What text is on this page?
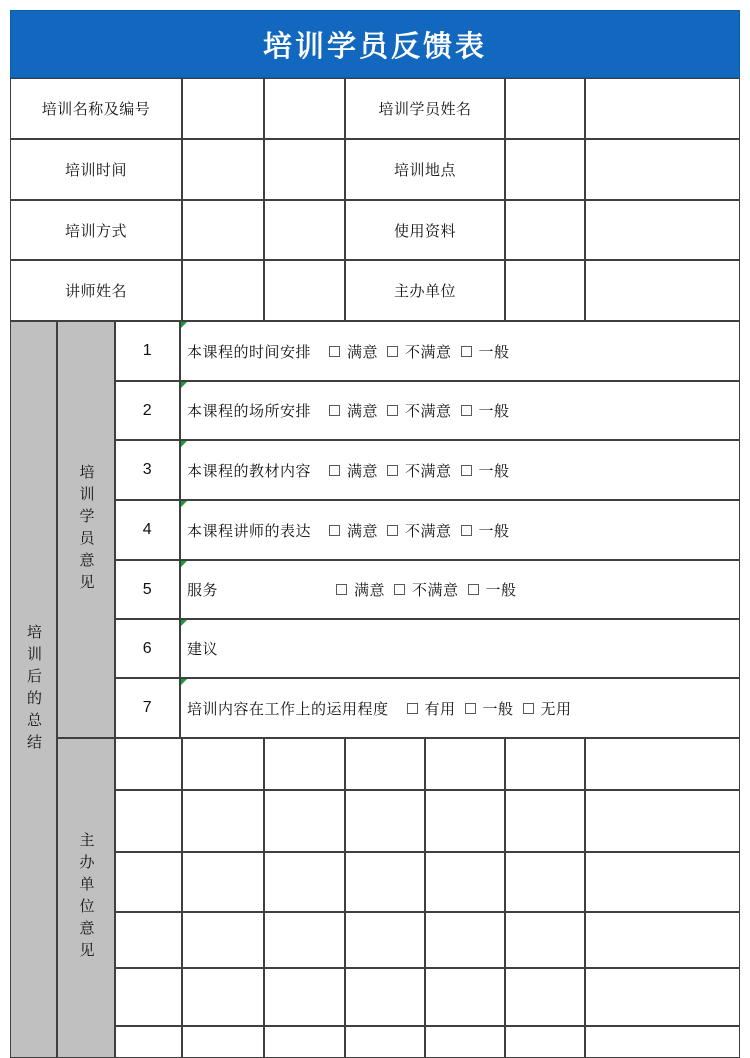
培训学员反馈表
培训名称及编号	培训学员姓名
培训时间	培训地点
培训方式	使用资料
讲师姓名	主办单位
1 本课程的时间安排 满意 不满意 一般
2 本课程的场所安排 满意 不满意 一般
3 本课程的教材内容 满意 不满意 一般
4 本课程讲师的表达 满意 不满意 一般
5 服务	满意 不满意 一般
6 建议
7 培训内容在工作上的运用程度 有用 一般 无用
培训后的总结
培训学员意见
主办单位意见
